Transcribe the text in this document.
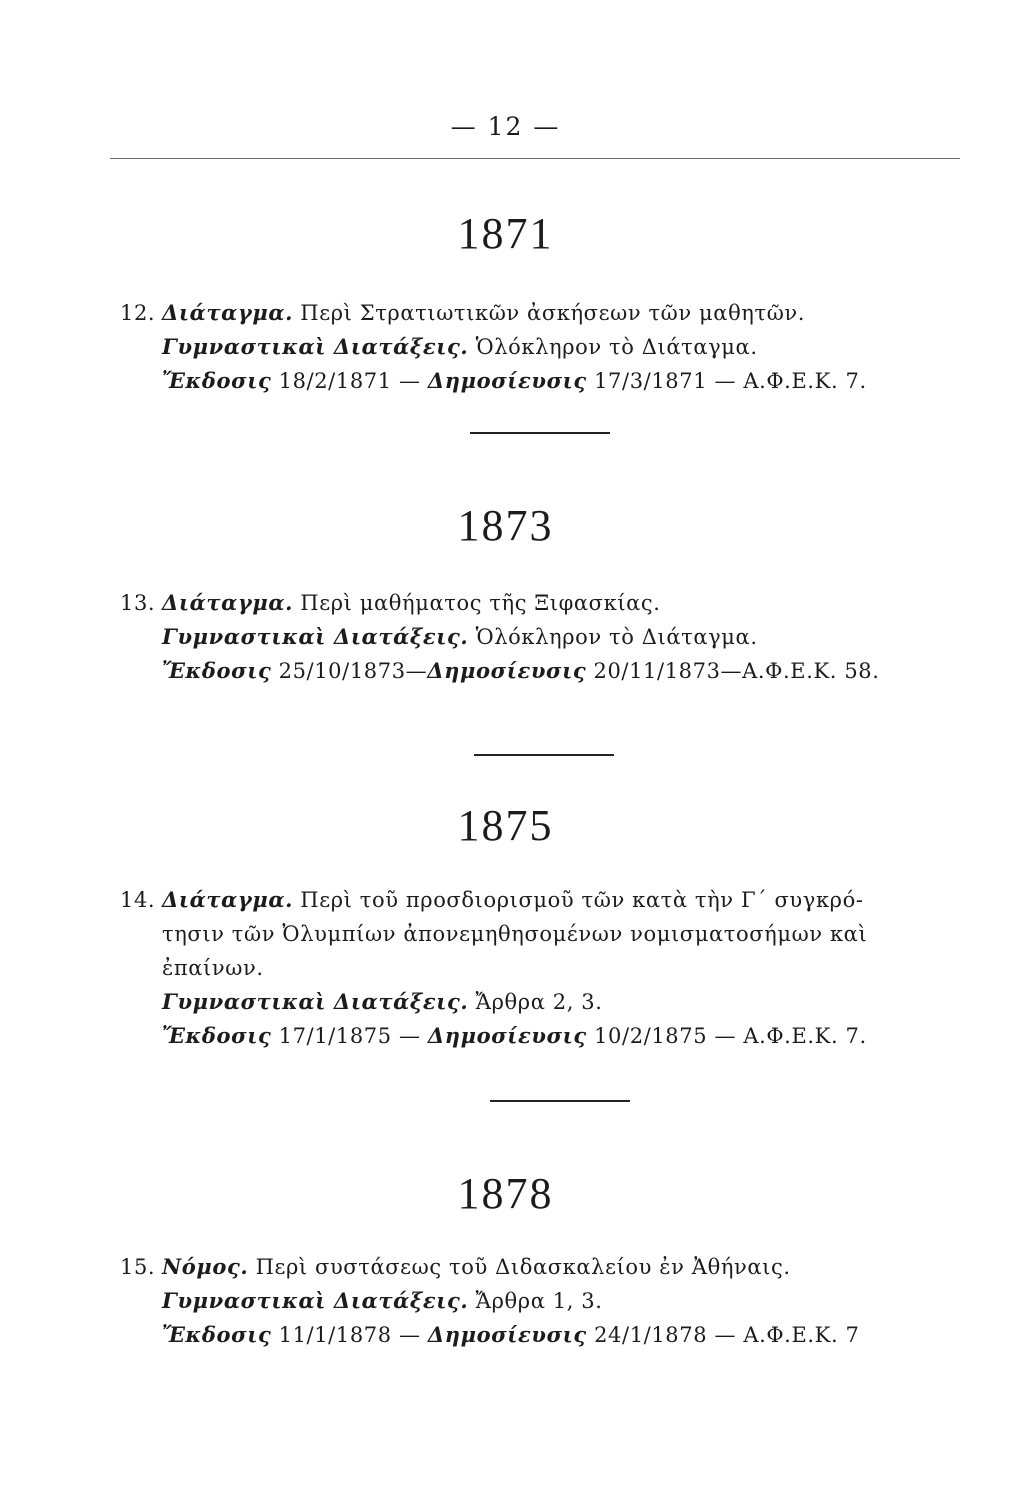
— 12 —
1871
12. Διάταγμα. Περὶ Στρατιωτικῶν ἀσκήσεων τῶν μαθητῶν.
Γυμναστικαὶ Διατάξεις. Ὁλόκληρον τὸ Διάταγμα.
Ἔκδοσις 18/2/1871 — Δημοσίευσις 17/3/1871 — Α.Φ.Ε.Κ. 7.
1873
13. Διάταγμα. Περὶ μαθήματος τῆς Ξιφασκίας.
Γυμναστικαὶ Διατάξεις. Ὁλόκληρον τὸ Διάταγμα.
Ἔκδοσις 25/10/1873—Δημοσίευσις 20/11/1873—Α.Φ.Ε.Κ. 58.
1875
14. Διάταγμα. Περὶ τοῦ προσδιορισμοῦ τῶν κατὰ τὴν Γ΄ συγκρό-
τησιν τῶν Ὀλυμπίων ἀπονεμηθησομένων νομισματοσήμων καὶ
ἐπαίνων.
Γυμναστικαὶ Διατάξεις. Ἄρθρα 2, 3.
Ἔκδοσις 17/1/1875 — Δημοσίευσις 10/2/1875 — Α.Φ.Ε.Κ. 7.
1878
15. Νόμος. Περὶ συστάσεως τοῦ Διδασκαλείου ἐν Ἀθήναις.
Γυμναστικαὶ Διατάξεις. Ἄρθρα 1, 3.
Ἔκδοσις 11/1/1878 — Δημοσίευσις 24/1/1878 — Α.Φ.Ε.Κ. 7
